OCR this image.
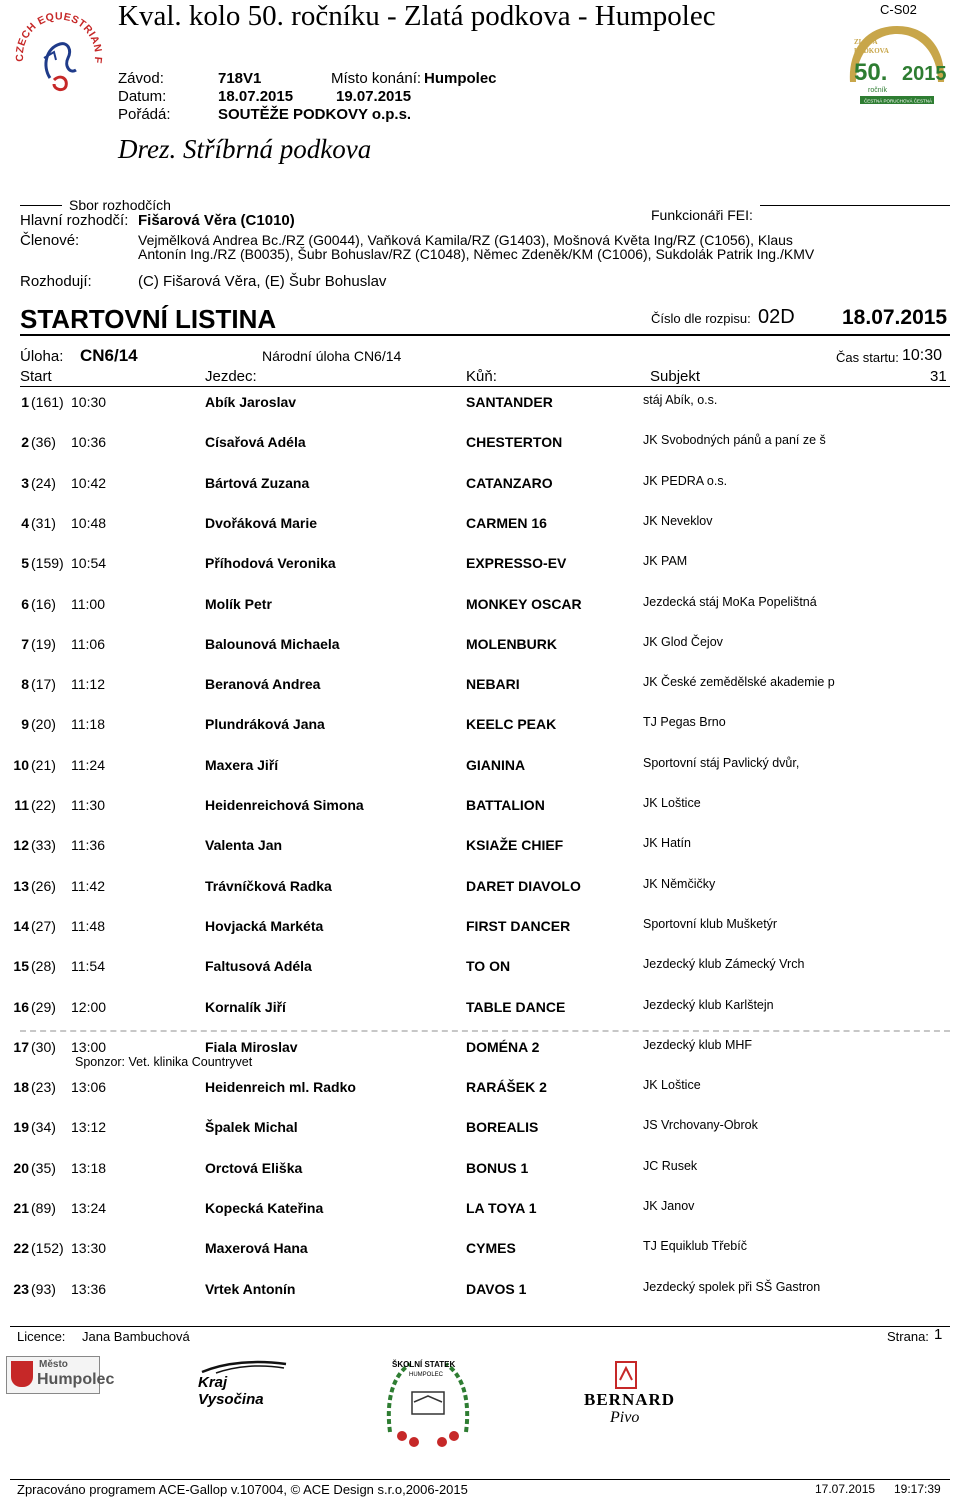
CZECH EQUESTRIAN F
Kval. kolo 50. ročníku - Zlatá podkova - Humpolec	C-S02
ZLATÁ
PODKOVA
50. 2015
ročník
ČESTNÁ PORUCHOVÁ ČESTNÁ
Závod:	718V1	Místo konání: Humpolec
Datum:	18.07.2015	19.07.2015
Pořádá:	SOUTĚŽE PODKOVY o.p.s.
Drez. Stříbrná podkova
Sbor rozhodčích
Funkcionáři FEI:
Hlavní rozhodčí: Fišarová Věra (C1010)
Členové:	Vejmělková Andrea Bc./RZ (G0044), Vaňková Kamila/RZ (G1403), Mošnová Květa Ing/RZ (C1056), Klaus
Antonín Ing./RZ (B0035), Šubr Bohuslav/RZ (C1048), Němec Zdeněk/KM (C1006), Sukdolák Patrik Ing./KMV
Rozhodují:	(C) Fišarová Věra, (E) Šubr Bohuslav
STARTOVNÍ LISTINA	Číslo dle rozpisu: 02D 18.07.2015
Úloha: CN6/14	Národní úloha CN6/14	Čas startu: 10:30
Start	Jezdec:	Kůň:	Subjekt	31
1 (161) 10:30	Abík Jaroslav	SANTANDER	stáj Abík, o.s.
2 (36) 10:36	Císařová Adéla	CHESTERTON	JK Svobodných pánů a paní ze š
3 (24) 10:42	Bártová Zuzana	CATANZARO	JK PEDRA o.s.
4 (31) 10:48	Dvořáková Marie	CARMEN 16	JK Neveklov
5 (159) 10:54	Příhodová Veronika	EXPRESSO-EV	JK PAM
6 (16) 11:00	Molík Petr	MONKEY OSCAR	Jezdecká stáj MoKa Popelištná
7 (19) 11:06	Balounová Michaela	MOLENBURK	JK Glod Čejov
8 (17) 11:12	Beranová Andrea	NEBARI	JK České zemědělské akademie p
9 (20) 11:18	Plundráková Jana	KEELC PEAK	TJ Pegas Brno
10 (21) 11:24	Maxera Jiří	GIANINA	Sportovní stáj Pavlický dvůr,
11 (22) 11:30	Heidenreichová Simona	BATTALION	JK Loštice
12 (33) 11:36	Valenta Jan	KSIAŽE CHIEF	JK Hatín
13 (26) 11:42	Trávníčková Radka	DARET DIAVOLO	JK Němčičky
14 (27) 11:48	Hovjacká Markéta	FIRST DANCER	Sportovní klub Mušketýr
15 (28) 11:54	Faltusová Adéla	TO ON	Jezdecký klub Zámecký Vrch
16 (29) 12:00	Kornalík Jiří	TABLE DANCE	Jezdecký klub Karlštejn
17 (30) 13:00	Fiala Miroslav	DOMÉNA 2	Jezdecký klub MHF
Sponzor: Vet. klinika Countryvet
18 (23) 13:06	Heidenreich ml. Radko	RARÁŠEK 2	JK Loštice
19 (34) 13:12	Špalek Michal	BOREALIS	JS Vrchovany-Obrok
20 (35) 13:18	Orctová Eliška	BONUS 1	JC Rusek
21 (89) 13:24	Kopecká Kateřina	LA TOYA 1	JK Janov
22 (152) 13:30	Maxerová Hana	CYMES	TJ Equiklub Třebíč
23 (93) 13:36	Vrtek Antonín	DAVOS 1	Jezdecký spolek při SŠ Gastron
Licence: Jana Bambuchová	Strana: 1
Město
Humpolec	Kraj Vysočina
ŠKOLNÍ STATEK
HUMPOLEC
BERNARD
Pivo
Zpracováno programem ACE-Gallop v.107004, © ACE Design s.r.o,2006-2015	17.07.2015 19:17:39
